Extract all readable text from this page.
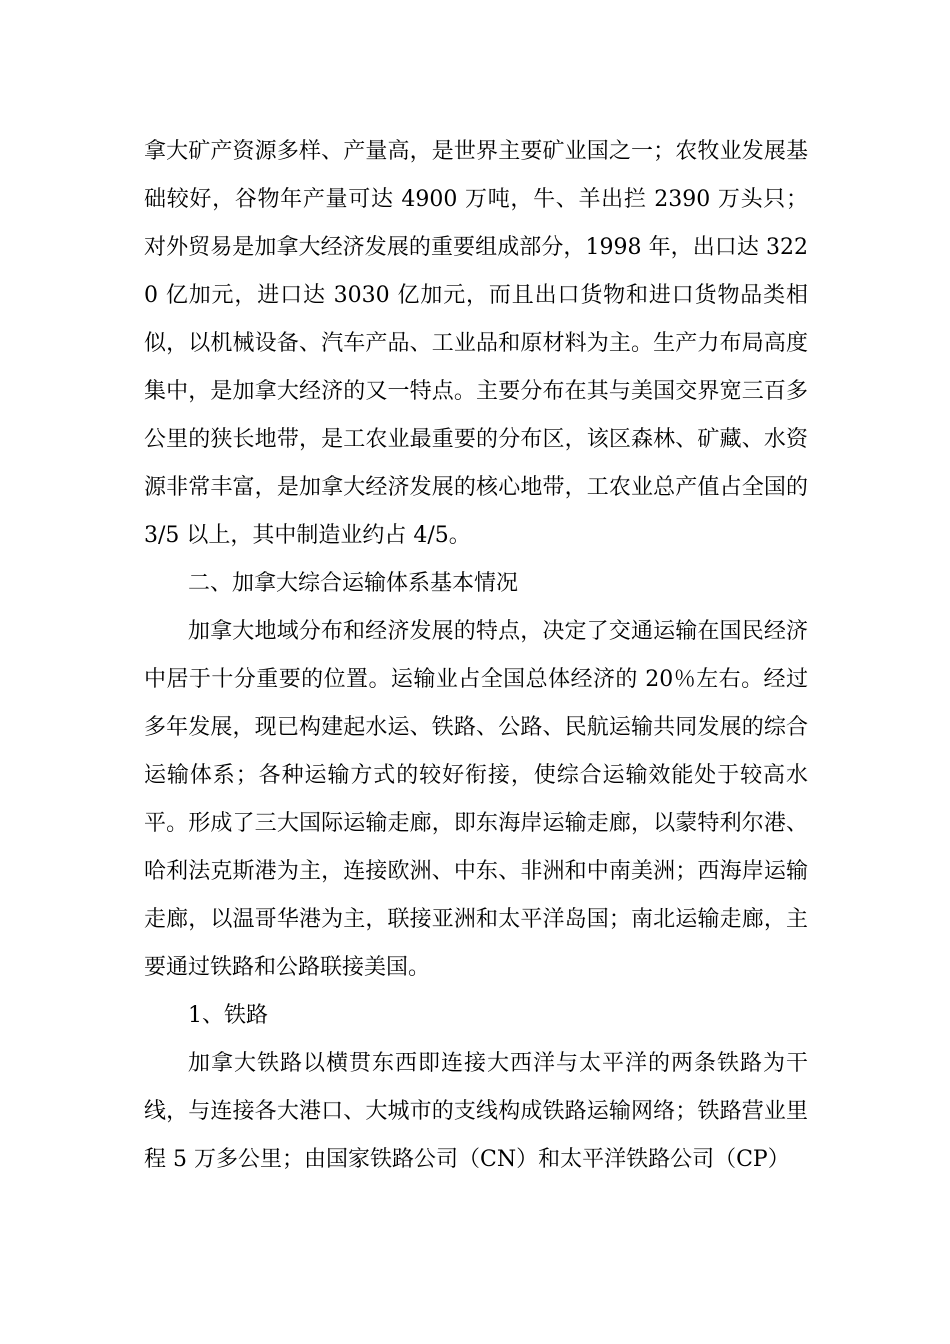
拿大矿产资源多样、产量高，是世界主要矿业国之一；农牧业发展基础较好，谷物年产量可达 4900 万吨，牛、羊出拦 2390 万头只；对外贸易是加拿大经济发展的重要组成部分，1998 年，出口达 3220 亿加元，进口达 3030 亿加元，而且出口货物和进口货物品类相似，以机械设备、汽车产品、工业品和原材料为主。生产力布局高度集中，是加拿大经济的又一特点。主要分布在其与美国交界宽三百多公里的狭长地带，是工农业最重要的分布区，该区森林、矿藏、水资源非常丰富，是加拿大经济发展的核心地带，工农业总产值占全国的 3/5 以上，其中制造业约占 4/5。

二、加拿大综合运输体系基本情况

加拿大地域分布和经济发展的特点，决定了交通运输在国民经济中居于十分重要的位置。运输业占全国总体经济的 20％左右。经过多年发展，现已构建起水运、铁路、公路、民航运输共同发展的综合运输体系；各种运输方式的较好衔接，使综合运输效能处于较高水平。形成了三大国际运输走廊，即东海岸运输走廊，以蒙特利尔港、哈利法克斯港为主，连接欧洲、中东、非洲和中南美洲；西海岸运输走廊，以温哥华港为主，联接亚洲和太平洋岛国；南北运输走廊，主要通过铁路和公路联接美国。

1、铁路

加拿大铁路以横贯东西即连接大西洋与太平洋的两条铁路为干线，与连接各大港口、大城市的支线构成铁路运输网络；铁路营业里程 5 万多公里；由国家铁路公司（CN）和太平洋铁路公司（CP）
